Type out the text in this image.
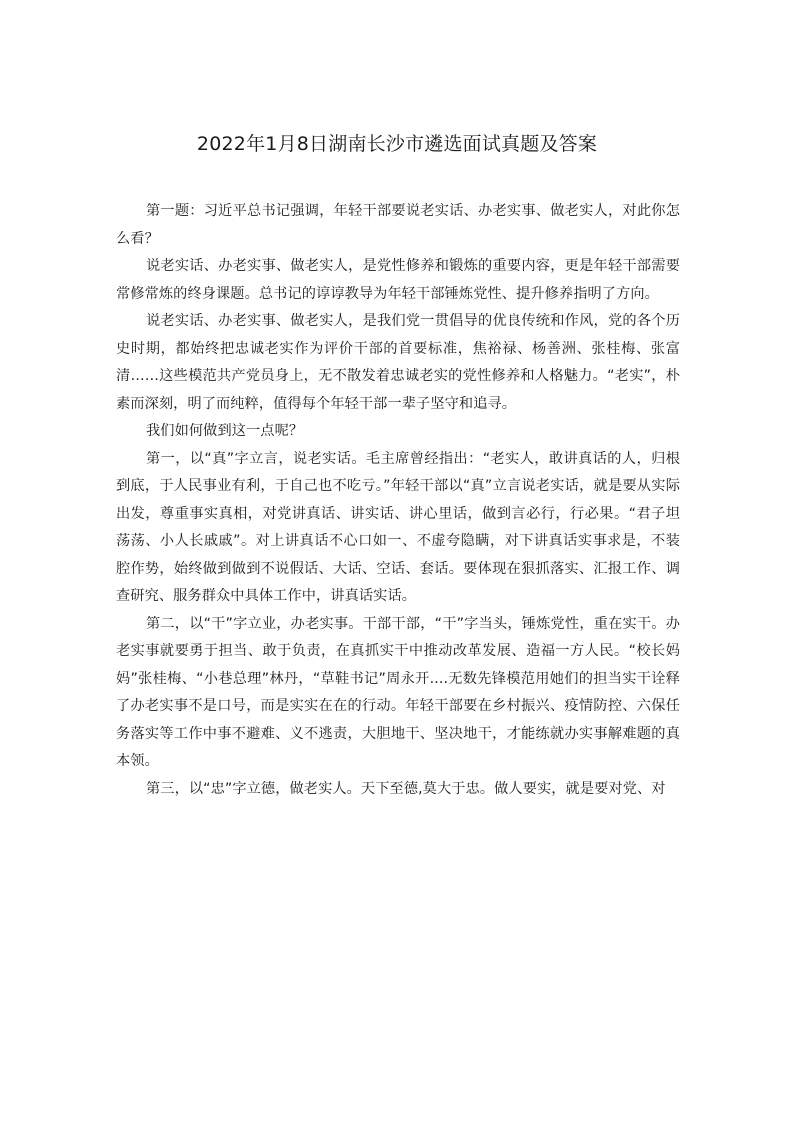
2022年1月8日湖南长沙市遴选面试真题及答案

第一题：习近平总书记强调，年轻干部要说老实话、办老实事、做老实人，对此你怎么看？

说老实话、办老实事、做老实人，是党性修养和锻炼的重要内容，更是年轻干部需要常修常炼的终身课题。总书记的谆谆教导为年轻干部锤炼党性、提升修养指明了方向。

说老实话、办老实事、做老实人，是我们党一贯倡导的优良传统和作风，党的各个历史时期，都始终把忠诚老实作为评价干部的首要标准，焦裕禄、杨善洲、张桂梅、张富清……这些模范共产党员身上，无不散发着忠诚老实的党性修养和人格魅力。“老实”，朴素而深刻，明了而纯粹，值得每个年轻干部一辈子坚守和追寻。

我们如何做到这一点呢？

第一，以“真”字立言，说老实话。毛主席曾经指出：“老实人，敢讲真话的人，归根到底，于人民事业有利，于自己也不吃亏。”年轻干部以“真”立言说老实话，就是要从实际出发，尊重事实真相，对党讲真话、讲实话、讲心里话，做到言必行，行必果。“君子坦荡荡、小人长戚戚”。对上讲真话不心口如一、不虚夸隐瞒，对下讲真话实事求是，不装腔作势，始终做到做到不说假话、大话、空话、套话。要体现在狠抓落实、汇报工作、调查研究、服务群众中具体工作中，讲真话实话。

第二，以“干”字立业，办老实事。干部干部，“干”字当头，锤炼党性，重在实干。办老实事就要勇于担当、敢于负责，在真抓实干中推动改革发展、造福一方人民。“校长妈妈”张桂梅、“小巷总理”林丹，“草鞋书记”周永开....无数先锋模范用她们的担当实干诠释了办老实事不是口号，而是实实在在的行动。年轻干部要在乡村振兴、疫情防控、六保任务落实等工作中事不避难、义不逃责，大胆地干、坚决地干，才能练就办实事解难题的真本领。

第三，以“忠”字立德，做老实人。天下至德,莫大于忠。做人要实，就是要对党、对
